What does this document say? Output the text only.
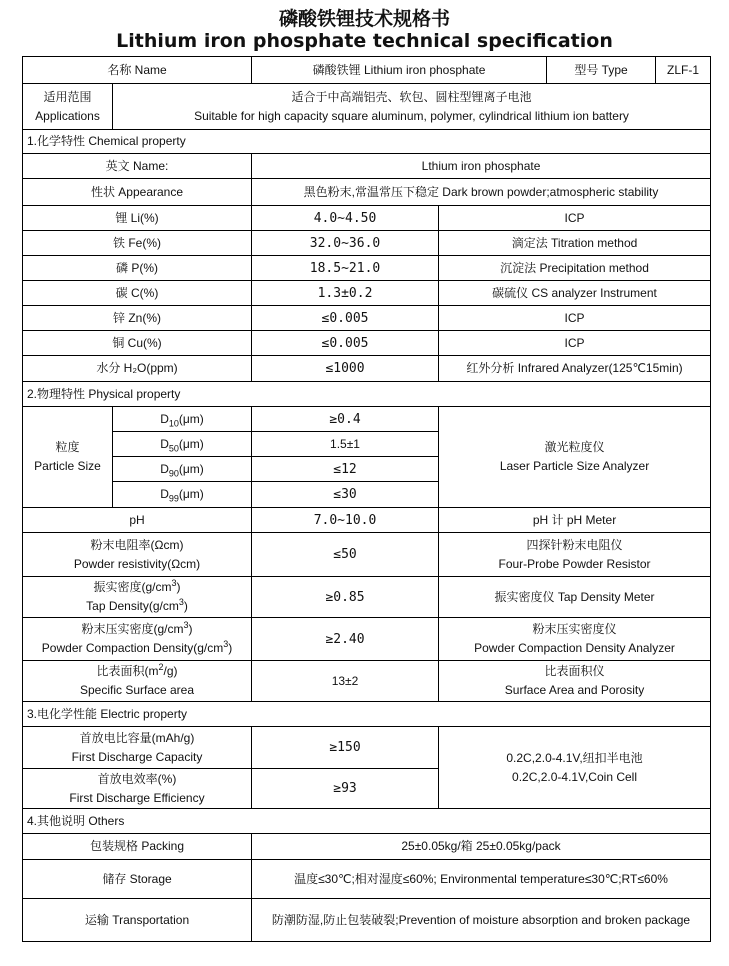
磷酸铁锂技术规格书
Lithium iron phosphate technical specification
名称 Name		磷酸铁锂 Lithium iron phosphate		型号 Type ZLF-1

适用范围
Applications	适合于中高端铝壳、软包、圆柱型锂离子电池
Suitable for high capacity square aluminum, polymer, cylindrical lithium ion battery			

1.化学特性 Chemical property				
英文 Name:		Lthium iron phosphate		
性状 Appearance		黑色粉末,常温常压下稳定 Dark brown powder;atmospheric stability		
锂 Li(%)		4.0~4.50	ICP	
铁 Fe(%)		32.0~36.0	滴定法 Titration method	
磷 P(%)		18.5~21.0	沉淀法 Precipitation method	
碳 C(%)		1.3±0.2	碳硫仪 CS analyzer Instrument	
锌 Zn(%)		≤0.005	ICP	
铜 Cu(%)		≤0.005	ICP	
水分 H₂O(ppm)		≤1000	红外分析 Infrared Analyzer(125℃15min)	
2.物理特性 Physical property				

粒度
Particle Size	$D_{10}(\mu m)$	≥0.4	激光粒度仪
Laser Particle Size Analyzer	

	$D_{50}(\mu m)$	1.5±1		
	$D_{90}(\mu m)$	≤12		
	$D_{99}(\mu m)$	≤30		
pH		7.0~10.0	pH 计 pH Meter	

粉末电阻率(Ωcm)
Powder resistivity(Ωcm)		≤50	四探针粉末电阻仪
Four-Probe Powder Resistor	

振实密度$(g/cm^3)$
Tap $Density(g/cm^3)$		≥0.85	振实密度仪 Tap Density Meter	

粉末压实密度$(g/cm^3)$
Powder Compaction $Density(g/cm^3)$		≥2.40	粉末压实密度仪
Powder Compaction Density Analyzer	

比表面积$(m^2/g)$
Specific Surface area		13±2	比表面积仪
Surface Area and Porosity	

3.电化学性能 Electric property				

首放电比容量(mAh/g)
First Discharge Capacity		≥150	0.2C,2.0-4.1V,纽扣半电池
0.2C,2.0-4.1V,Coin Cell	

首放电效率(%)
First Discharge Efficiency		≥93		
4.其他说明 Others				
包装规格 Packing		25±0.05kg/箱 25±0.05kg/pack		
储存 Storage		温度≤30℃;相对湿度≤60%; Environmental temperature≤30℃;RT≤60%		
运输 Transportation		防潮防湿,防止包装破裂;Prevention of moisture absorption and broken package		
